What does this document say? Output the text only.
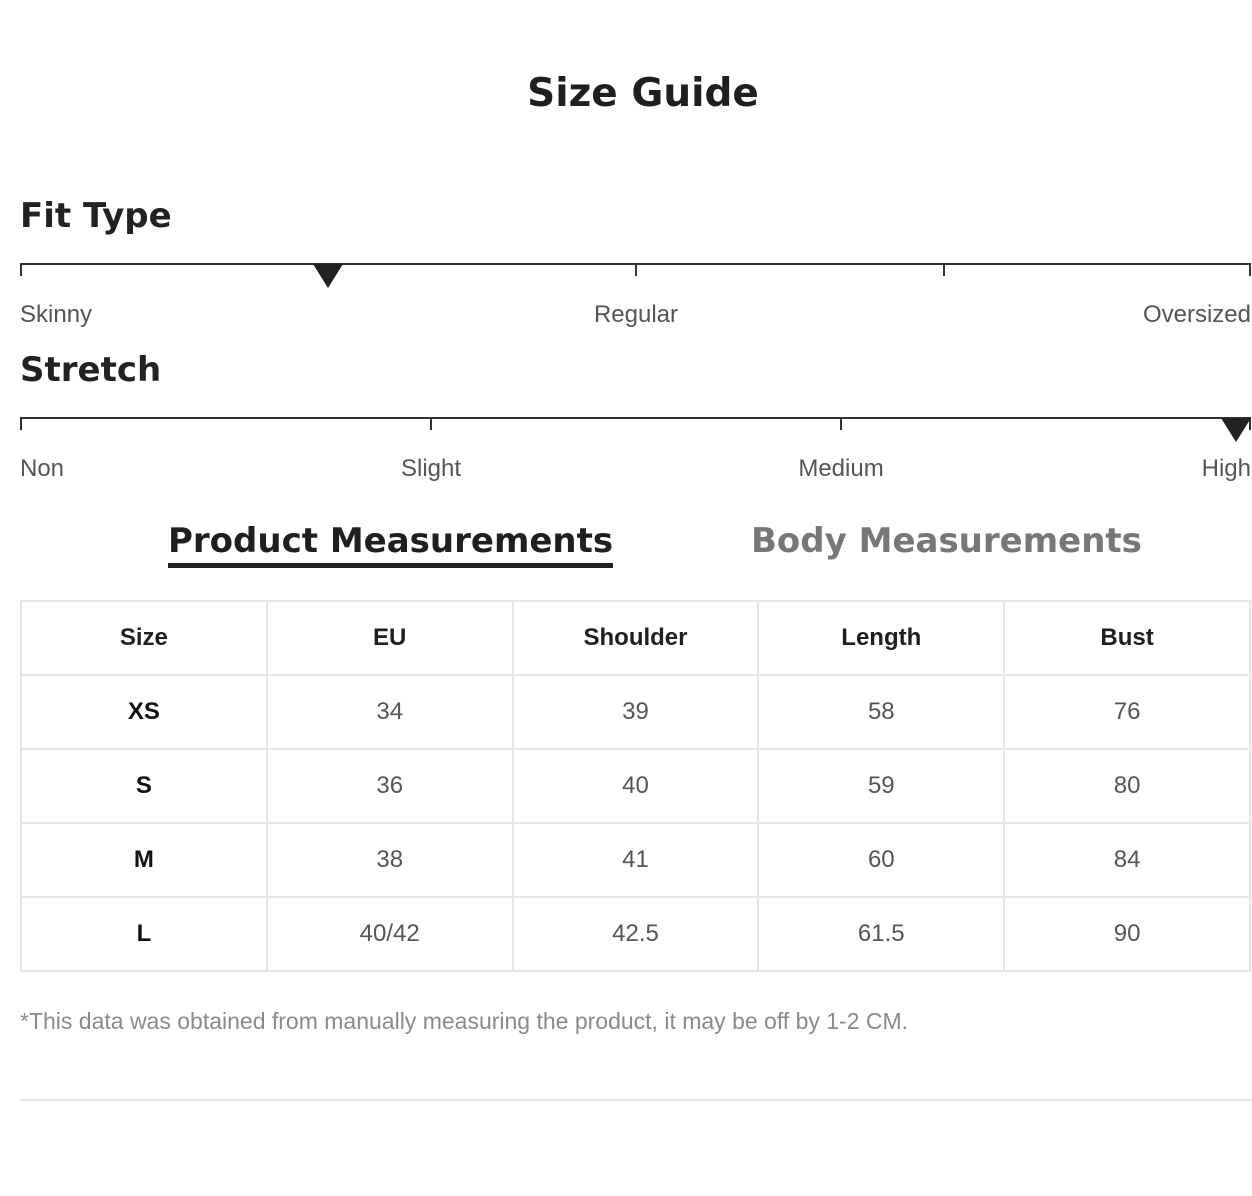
Size Guide
Fit Type
Skinny	Regular	Oversized
Stretch
Non	Slight	Medium	High
Product Measurements	Body Measurements
Size	EU	Shoulder	Length	Bust
XS	34	39	58	76
S	36	40	59	80
M	38	41	60	84
L	40/42	42.5	61.5	90
*This data was obtained from manually measuring the product, it may be off by 1-2 CM.
